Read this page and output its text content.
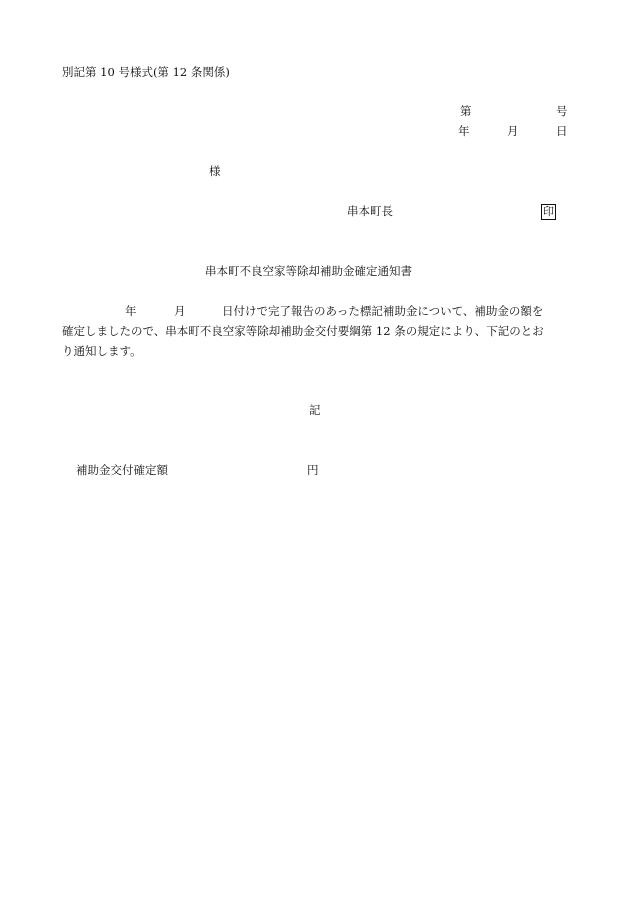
別記第 10 号様式(第 12 条関係)
第	号
年	月	日
様
串本町長	印
串本町不良空家等除却補助金確定通知書
年	月	日付けで完了報告のあった標記補助金について、補助金の額を
確定しましたので、串本町不良空家等除却補助金交付要綱第 12 条の規定により、下記のとお
り通知します。
記
補助金交付確定額	円
